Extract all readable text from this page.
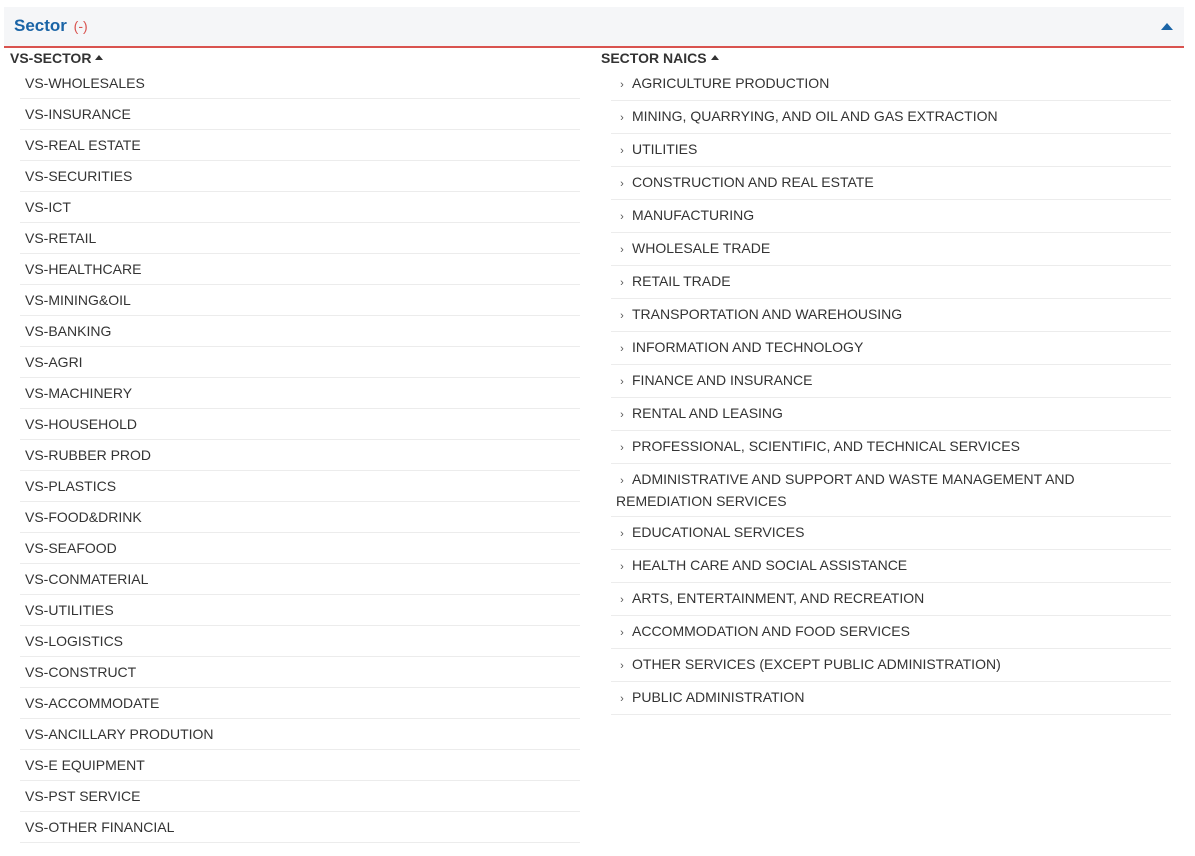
Sector (-)
VS-SECTOR
VS-WHOLESALES
VS-INSURANCE
VS-REAL ESTATE
VS-SECURITIES
VS-ICT
VS-RETAIL
VS-HEALTHCARE
VS-MINING&OIL
VS-BANKING
VS-AGRI
VS-MACHINERY
VS-HOUSEHOLD
VS-RUBBER PROD
VS-PLASTICS
VS-FOOD&DRINK
VS-SEAFOOD
VS-CONMATERIAL
VS-UTILITIES
VS-LOGISTICS
VS-CONSTRUCT
VS-ACCOMMODATE
VS-ANCILLARY PRODUTION
VS-E EQUIPMENT
VS-PST SERVICE
VS-OTHER FINANCIAL
SECTOR NAICS
› AGRICULTURE PRODUCTION
› MINING, QUARRYING, AND OIL AND GAS EXTRACTION
› UTILITIES
› CONSTRUCTION AND REAL ESTATE
› MANUFACTURING
› WHOLESALE TRADE
› RETAIL TRADE
› TRANSPORTATION AND WAREHOUSING
› INFORMATION AND TECHNOLOGY
› FINANCE AND INSURANCE
› RENTAL AND LEASING
› PROFESSIONAL, SCIENTIFIC, AND TECHNICAL SERVICES
› ADMINISTRATIVE AND SUPPORT AND WASTE MANAGEMENT AND REMEDIATION SERVICES
› EDUCATIONAL SERVICES
› HEALTH CARE AND SOCIAL ASSISTANCE
› ARTS, ENTERTAINMENT, AND RECREATION
› ACCOMMODATION AND FOOD SERVICES
› OTHER SERVICES (EXCEPT PUBLIC ADMINISTRATION)
› PUBLIC ADMINISTRATION
